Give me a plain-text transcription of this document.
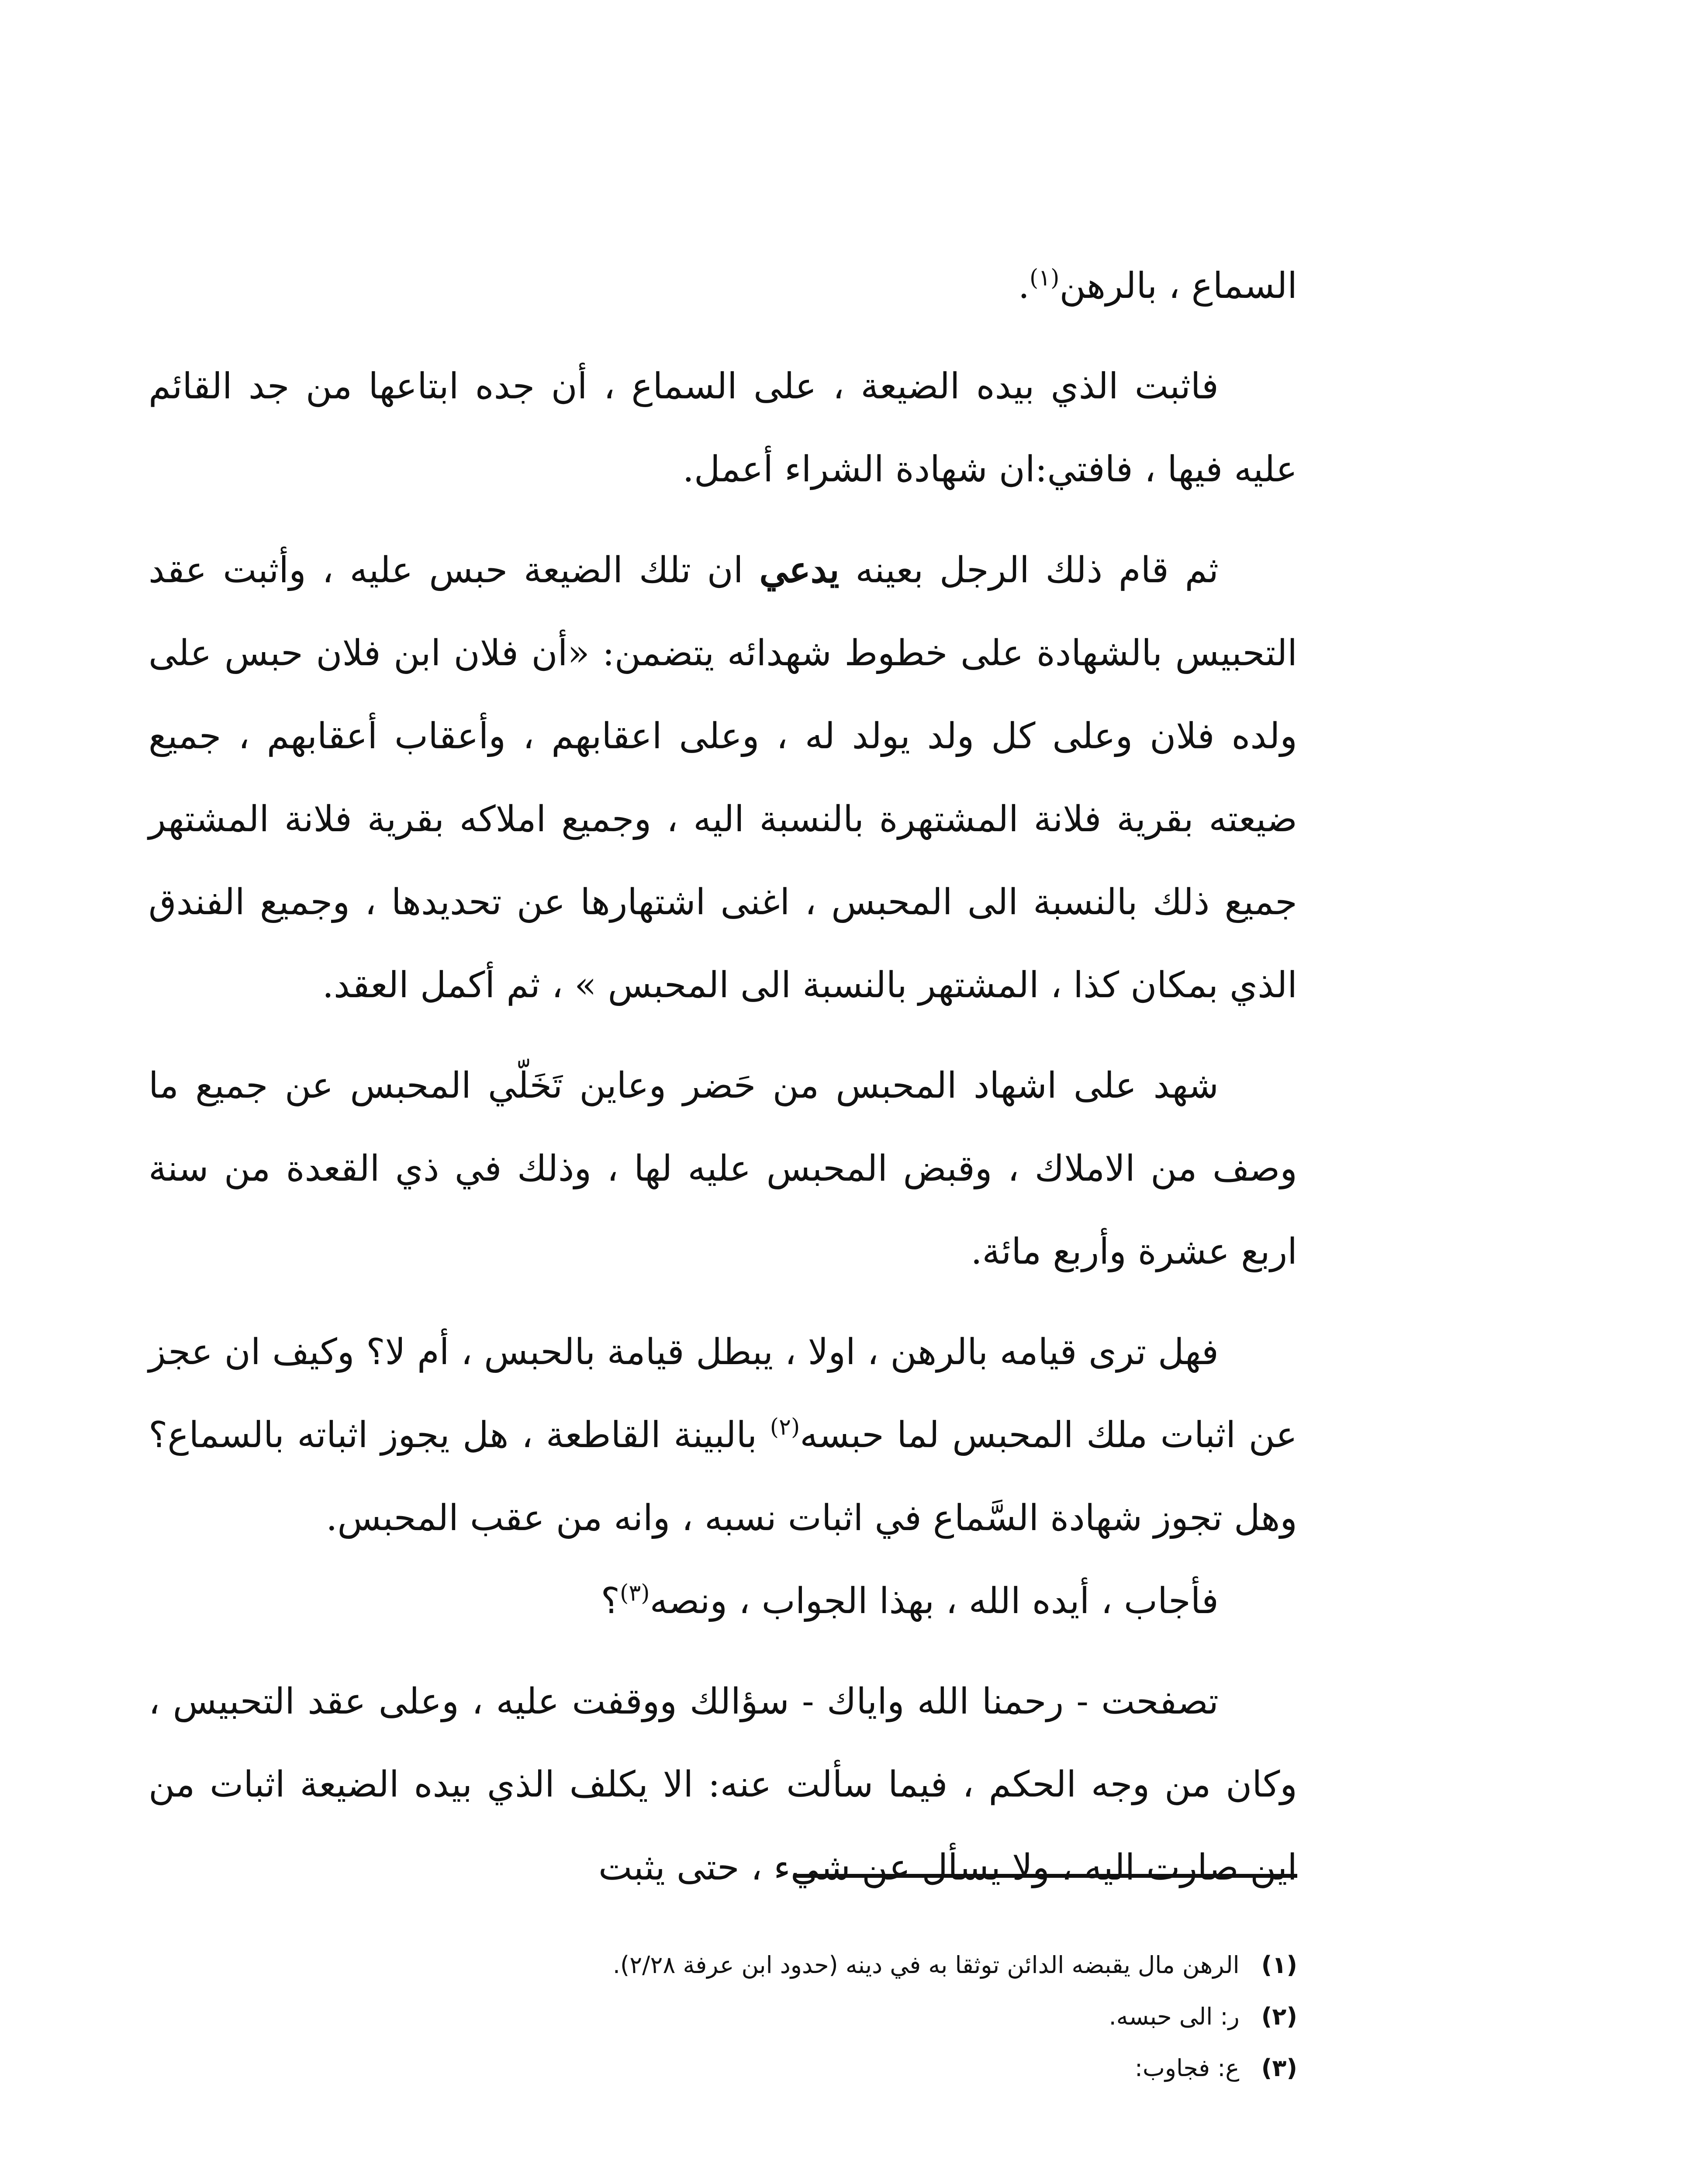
السماع ، بالرهن$^{(١)}$.

فاثبت الذي بيده الضيعة ، على السماع ، أن جده ابتاعها من جد القائم عليه فيها ، فافتي:ان شهادة الشراء أعمل.

ثم قام ذلك الرجل بعينه يدعي ان تلك الضيعة حبس عليه ، وأثبت عقد التحبيس بالشهادة على خطوط شهدائه يتضمن: «أن فلان ابن فلان حبس على ولده فلان وعلى كل ولد يولد له ، وعلى اعقابهم ، وأعقاب أعقابهم ، جميع ضيعته بقرية فلانة المشتهرة بالنسبة اليه ، وجميع املاكه بقرية فلانة المشتهر جميع ذلك بالنسبة الى المحبس ، اغنى اشتهارها عن تحديدها ، وجميع الفندق الذي بمكان كذا ، المشتهر بالنسبة الى المحبس » ، ثم أكمل العقد.

شهد على اشهاد المحبس من حَضر وعاين تَخَلّي المحبس عن جميع ما وصف من الاملاك ، وقبض المحبس عليه لها ، وذلك في ذي القعدة من سنة اربع عشرة وأربع مائة.

فهل ترى قيامه بالرهن ، اولا ، يبطل قيامة بالحبس ، أم لا؟ وكيف ان عجز عن اثبات ملك المحبس لما حبسه$^{(٢)}$ بالبينة القاطعة ، هل يجوز اثباته بالسماع؟ وهل تجوز شهادة السَّماع في اثبات نسبه ، وانه من عقب المحبس.

فأجاب ، أيده الله ، بهذا الجواب ، ونصه$^{(٣)}$؟

تصفحت - رحمنا الله واياك - سؤالك ووقفت عليه ، وعلى عقد التحبيس ، وكان من وجه الحكم ، فيما سألت عنه: الا يكلف الذي بيده الضيعة اثبات من اين صارت اليه ، ولا يسأل عن شيء ، حتى يثبت

(١)
الرهن مال يقبضه الدائن توثقا به في دينه (حدود ابن عرفة ٢/٢٨).
(٢)
ر: الى حبسه.
(٣)
ع: فجاوب:
